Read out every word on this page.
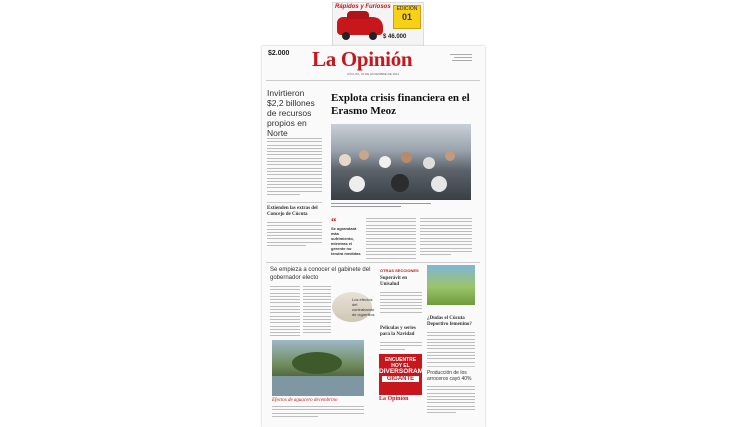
Rápidos y Furiosos	EDICIÓN
01
$ 46.000
$2.000 La Opinión
CÚCUTA, 23 DE DICIEMBRE DE 2011
Invirtieron $2,2 billones de recursos propios en Norte
Extienden las extras del Concejo de Cúcuta
Explota crisis financiera en el Erasmo Meoz
“
Se agrandará más sufrimiento, mientras el gerente no tendrá medidas
Se empieza a conocer el gabinete del gobernador electo
Los efectos del contrabando de cigarrillos
Efectos de aguacero decembrino
OTRAS SECCIONES
Superávit en Unisalud
Películas y series para la Navidad
ENCUENTRE
HOY EL
DIVERSORAMA
GIGANTE
La Opinión
¿Dudas el Cúcuta Deportivo femenino?
Producción de los arroceros cayó 40%
